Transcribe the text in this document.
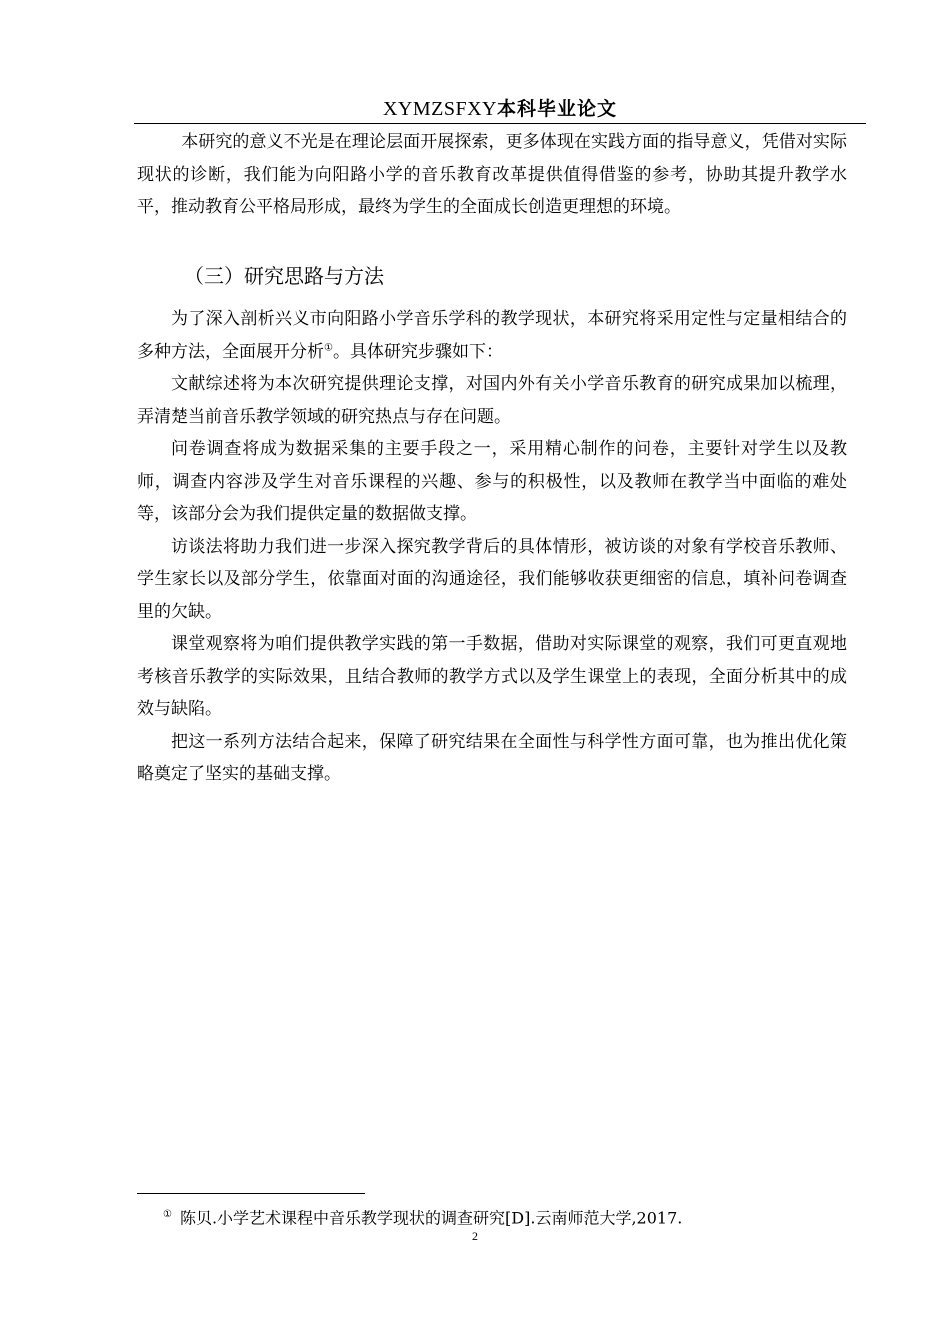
XYMZSFXY本科毕业论文

本研究的意义不光是在理论层面开展探索，更多体现在实践方面的指导意义，凭借对实际现状的诊断，我们能为向阳路小学的音乐教育改革提供值得借鉴的参考，协助其提升教学水平，推动教育公平格局形成，最终为学生的全面成长创造更理想的环境。

（三）研究思路与方法

为了深入剖析兴义市向阳路小学音乐学科的教学现状，本研究将采用定性与定量相结合的多种方法，全面展开分析①。具体研究步骤如下：

文献综述将为本次研究提供理论支撑，对国内外有关小学音乐教育的研究成果加以梳理，弄清楚当前音乐教学领域的研究热点与存在问题。

问卷调查将成为数据采集的主要手段之一，采用精心制作的问卷，主要针对学生以及教师，调查内容涉及学生对音乐课程的兴趣、参与的积极性，以及教师在教学当中面临的难处等，该部分会为我们提供定量的数据做支撑。

访谈法将助力我们进一步深入探究教学背后的具体情形，被访谈的对象有学校音乐教师、学生家长以及部分学生，依靠面对面的沟通途径，我们能够收获更细密的信息，填补问卷调查里的欠缺。

课堂观察将为咱们提供教学实践的第一手数据，借助对实际课堂的观察，我们可更直观地考核音乐教学的实际效果，且结合教师的教学方式以及学生课堂上的表现，全面分析其中的成效与缺陷。

把这一系列方法结合起来，保障了研究结果在全面性与科学性方面可靠，也为推出优化策略奠定了坚实的基础支撑。

① 陈贝.小学艺术课程中音乐教学现状的调查研究[D].云南师范大学,2017.
2
